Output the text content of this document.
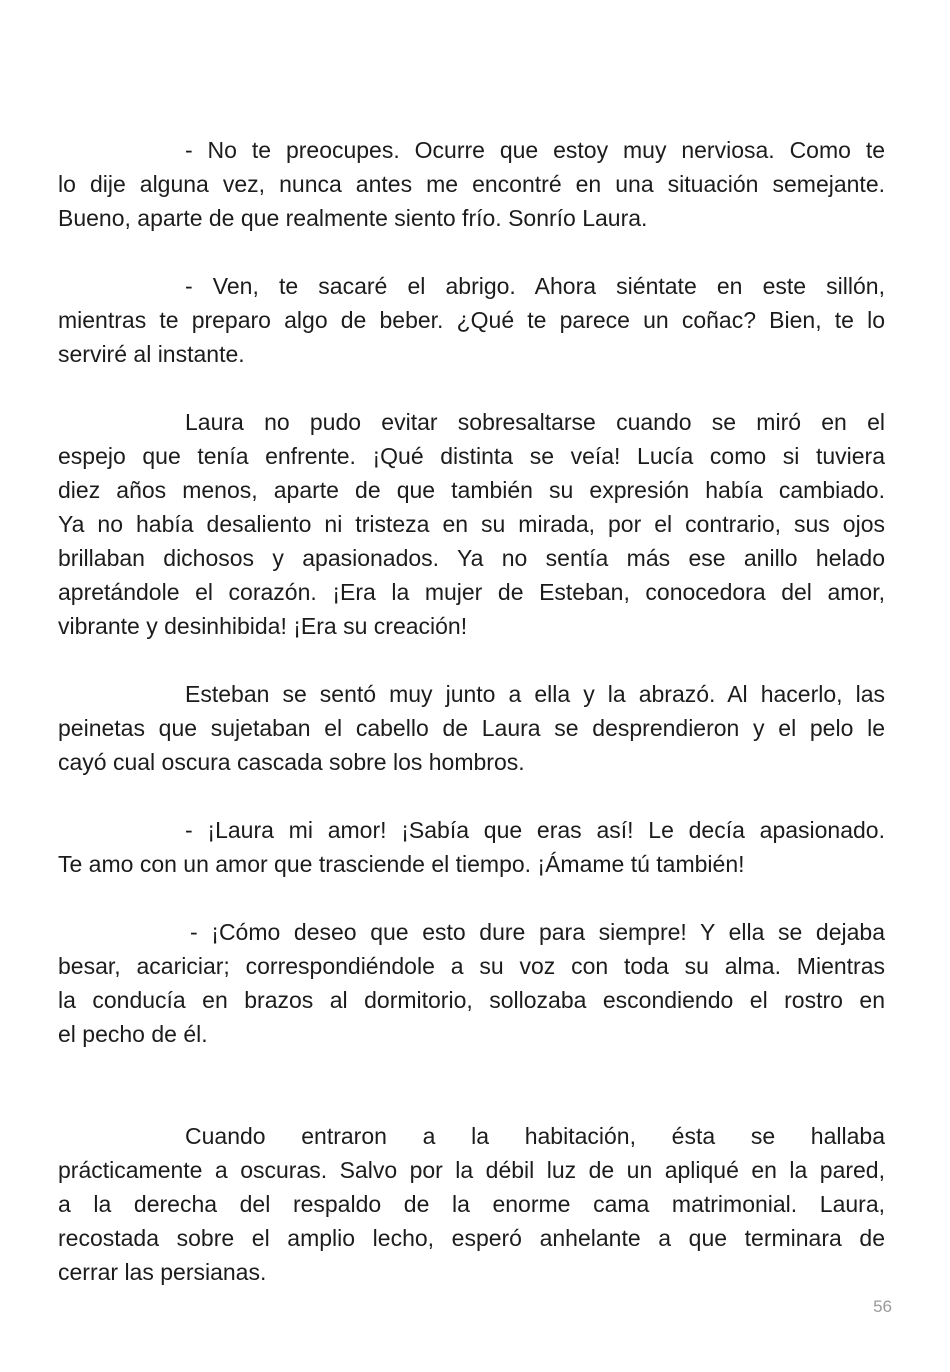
- No te preocupes. Ocurre que estoy muy nerviosa. Como te
lo dije alguna vez, nunca antes me encontré en una situación semejante.
Bueno, aparte de que realmente siento frío. Sonrío Laura.
- Ven, te sacaré el abrigo. Ahora siéntate en este sillón,
mientras te preparo algo de beber. ¿Qué te parece un coñac? Bien, te lo
serviré al instante.
Laura no pudo evitar sobresaltarse cuando se miró en el
espejo que tenía enfrente. ¡Qué distinta se veía! Lucía como si tuviera
diez años menos, aparte de que también su expresión había cambiado.
Ya no había desaliento ni tristeza en su mirada, por el contrario, sus ojos
brillaban dichosos y apasionados. Ya no sentía más ese anillo helado
apretándole el corazón. ¡Era la mujer de Esteban, conocedora del amor,
vibrante y desinhibida! ¡Era su creación!
Esteban se sentó muy junto a ella y la abrazó. Al hacerlo, las
peinetas que sujetaban el cabello de Laura se desprendieron y el pelo le
cayó cual oscura cascada sobre los hombros.
- ¡Laura mi amor! ¡Sabía que eras así! Le decía apasionado.
Te amo con un amor que trasciende el tiempo. ¡Ámame tú también!
- ¡Cómo deseo que esto dure para siempre! Y ella se dejaba
besar, acariciar; correspondiéndole a su voz con toda su alma. Mientras
la conducía en brazos al dormitorio, sollozaba escondiendo el rostro en
el pecho de él.
Cuando entraron a la habitación, ésta se hallaba
prácticamente a oscuras. Salvo por la débil luz de un apliqué en la pared,
a la derecha del respaldo de la enorme cama matrimonial. Laura,
recostada sobre el amplio lecho, esperó anhelante a que terminara de
cerrar las persianas.
56
